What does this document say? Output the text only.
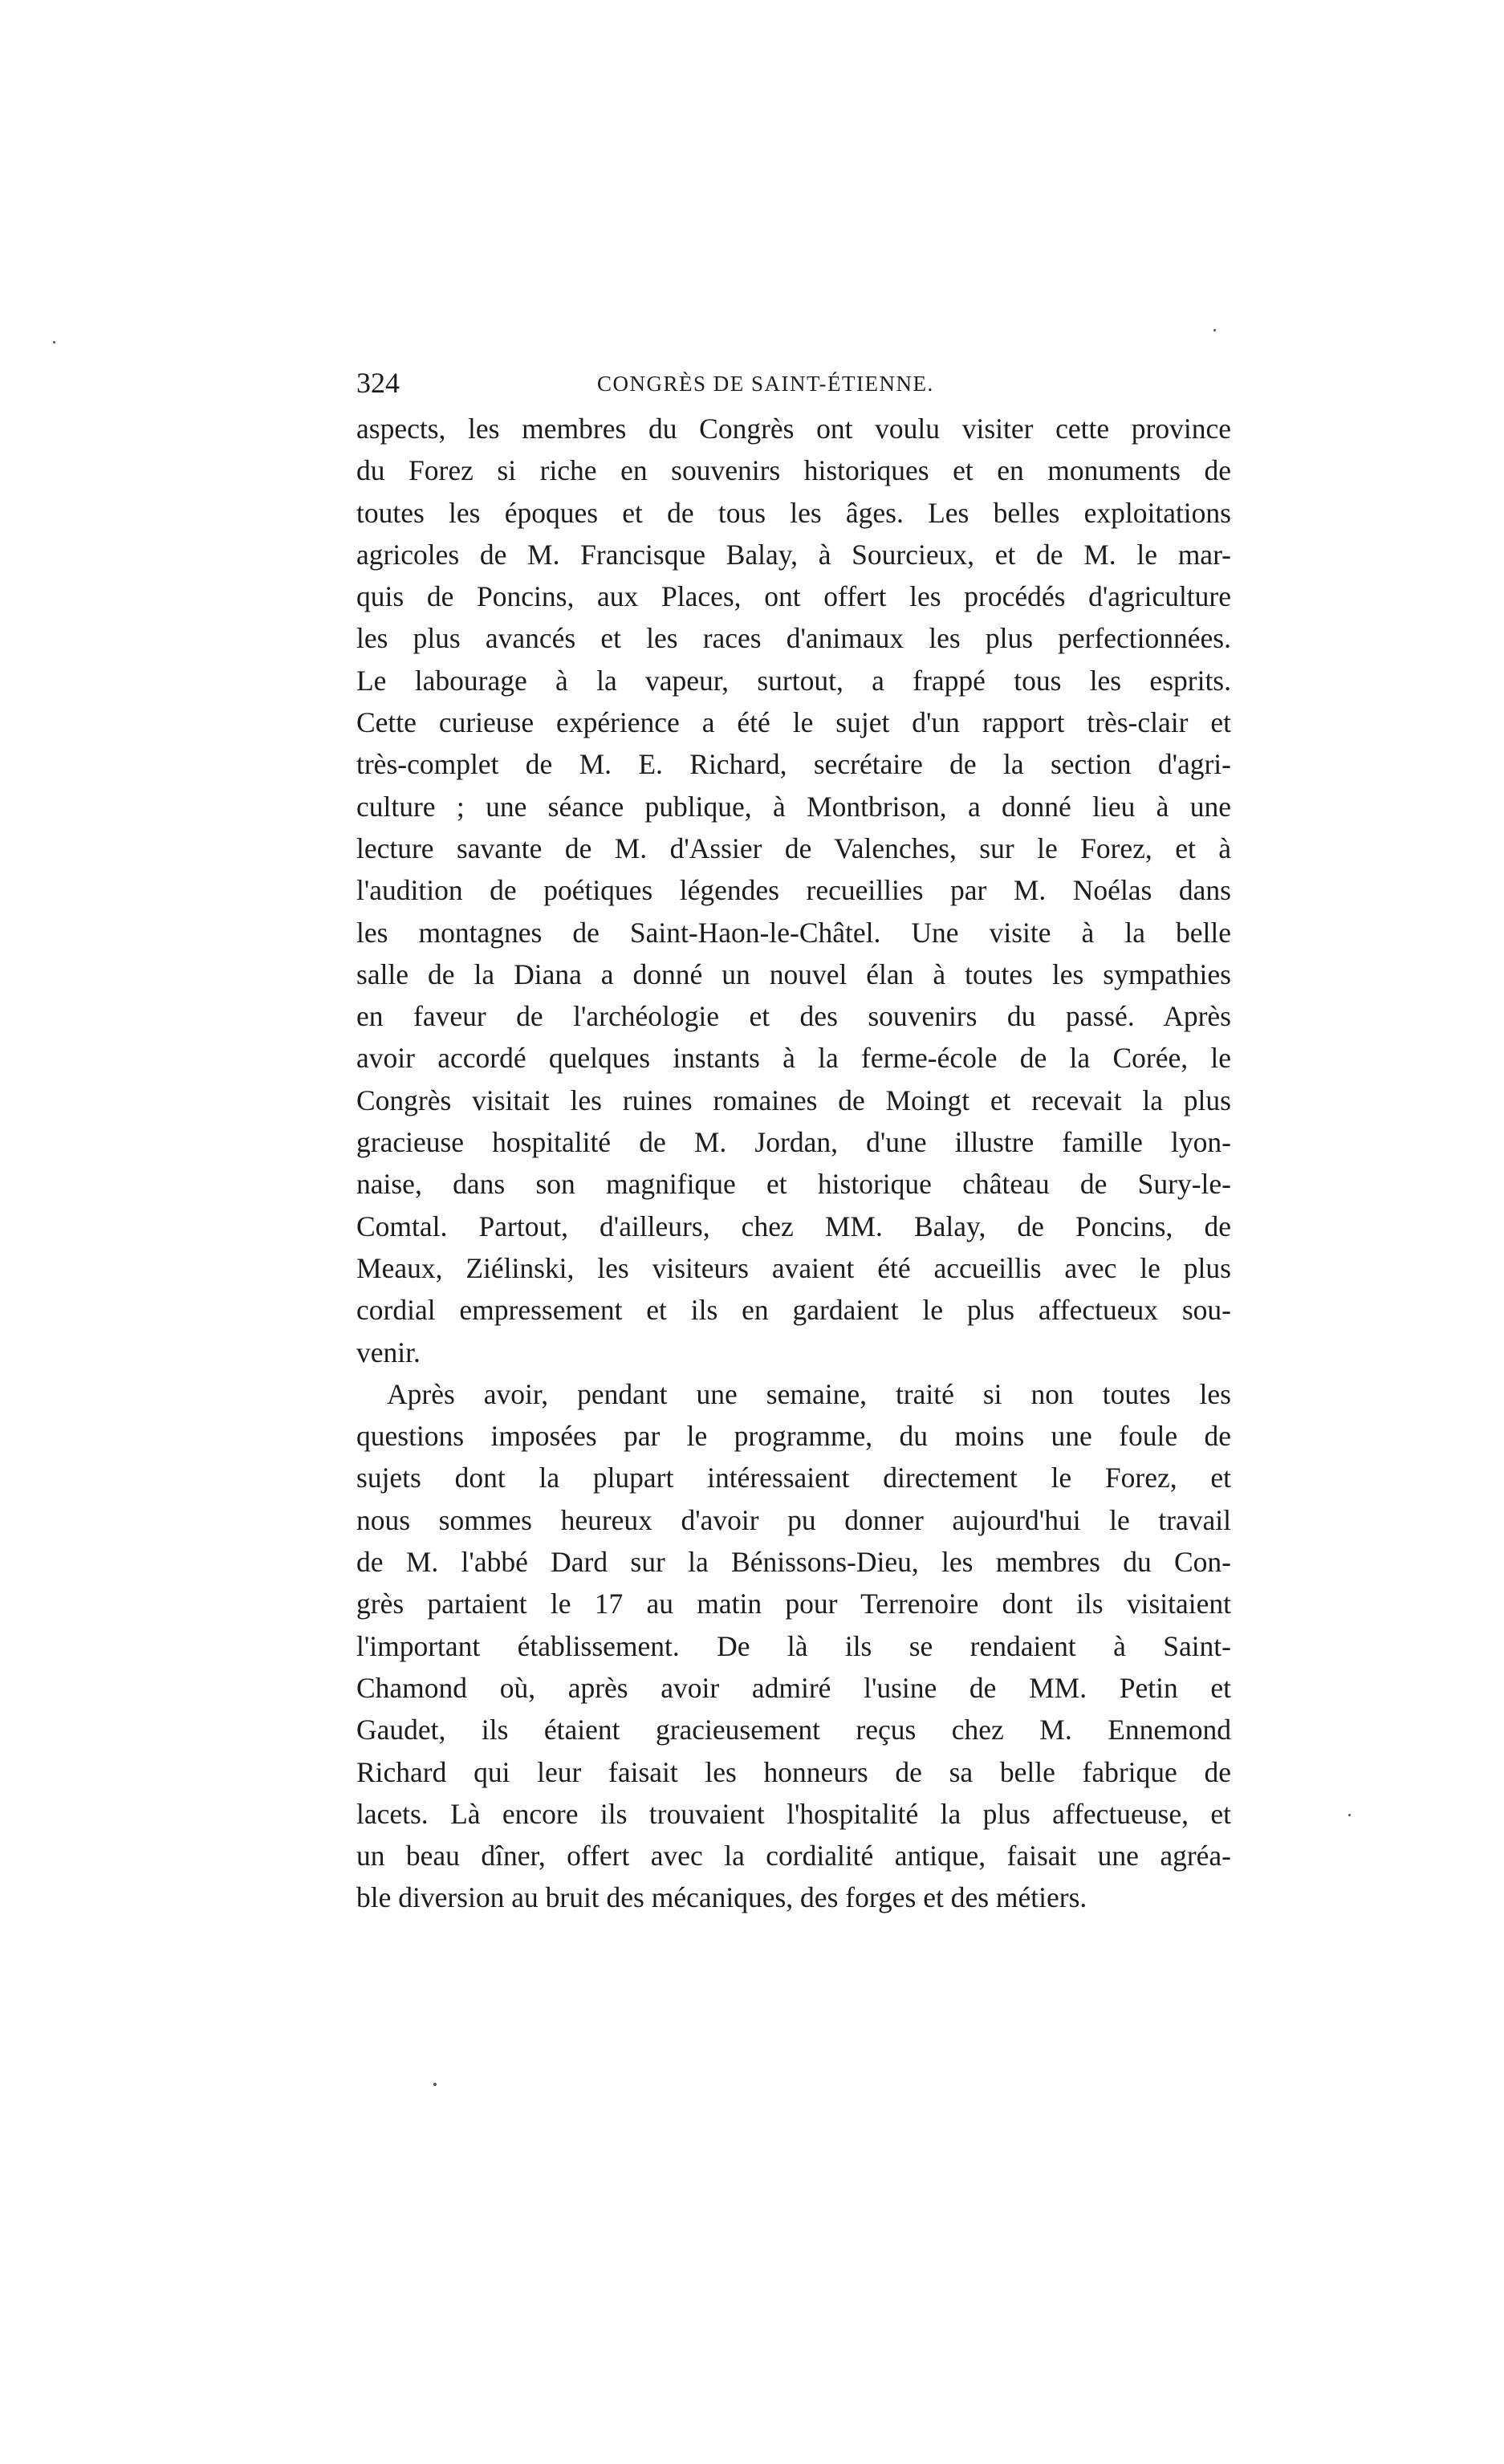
324	CONGRÈS DE SAINT-ÉTIENNE.
aspects, les membres du Congrès ont voulu visiter cette province
du Forez si riche en souvenirs historiques et en monuments de
toutes les époques et de tous les âges. Les belles exploitations
agricoles de M. Francisque Balay, à Sourcieux, et de M. le mar-
quis de Poncins, aux Places, ont offert les procédés d'agriculture
les plus avancés et les races d'animaux les plus perfectionnées.
Le labourage à la vapeur, surtout, a frappé tous les esprits.
Cette curieuse expérience a été le sujet d'un rapport très-clair et
très-complet de M. E. Richard, secrétaire de la section d'agri-
culture ; une séance publique, à Montbrison, a donné lieu à une
lecture savante de M. d'Assier de Valenches, sur le Forez, et à
l'audition de poétiques légendes recueillies par M. Noélas dans
les montagnes de Saint-Haon-le-Châtel. Une visite à la belle
salle de la Diana a donné un nouvel élan à toutes les sympathies
en faveur de l'archéologie et des souvenirs du passé. Après
avoir accordé quelques instants à la ferme-école de la Corée, le
Congrès visitait les ruines romaines de Moingt et recevait la plus
gracieuse hospitalité de M. Jordan, d'une illustre famille lyon-
naise, dans son magnifique et historique château de Sury-le-
Comtal. Partout, d'ailleurs, chez MM. Balay, de Poncins, de
Meaux, Ziélinski, les visiteurs avaient été accueillis avec le plus
cordial empressement et ils en gardaient le plus affectueux sou-
venir.
Après avoir, pendant une semaine, traité si non toutes les
questions imposées par le programme, du moins une foule de
sujets dont la plupart intéressaient directement le Forez, et
nous sommes heureux d'avoir pu donner aujourd'hui le travail
de M. l'abbé Dard sur la Bénissons-Dieu, les membres du Con-
grès partaient le 17 au matin pour Terrenoire dont ils visitaient
l'important établissement. De là ils se rendaient à Saint-
Chamond où, après avoir admiré l'usine de MM. Petin et
Gaudet, ils étaient gracieusement reçus chez M. Ennemond
Richard qui leur faisait les honneurs de sa belle fabrique de
lacets. Là encore ils trouvaient l'hospitalité la plus affectueuse, et
un beau dîner, offert avec la cordialité antique, faisait une agréa-
ble diversion au bruit des mécaniques, des forges et des métiers.
